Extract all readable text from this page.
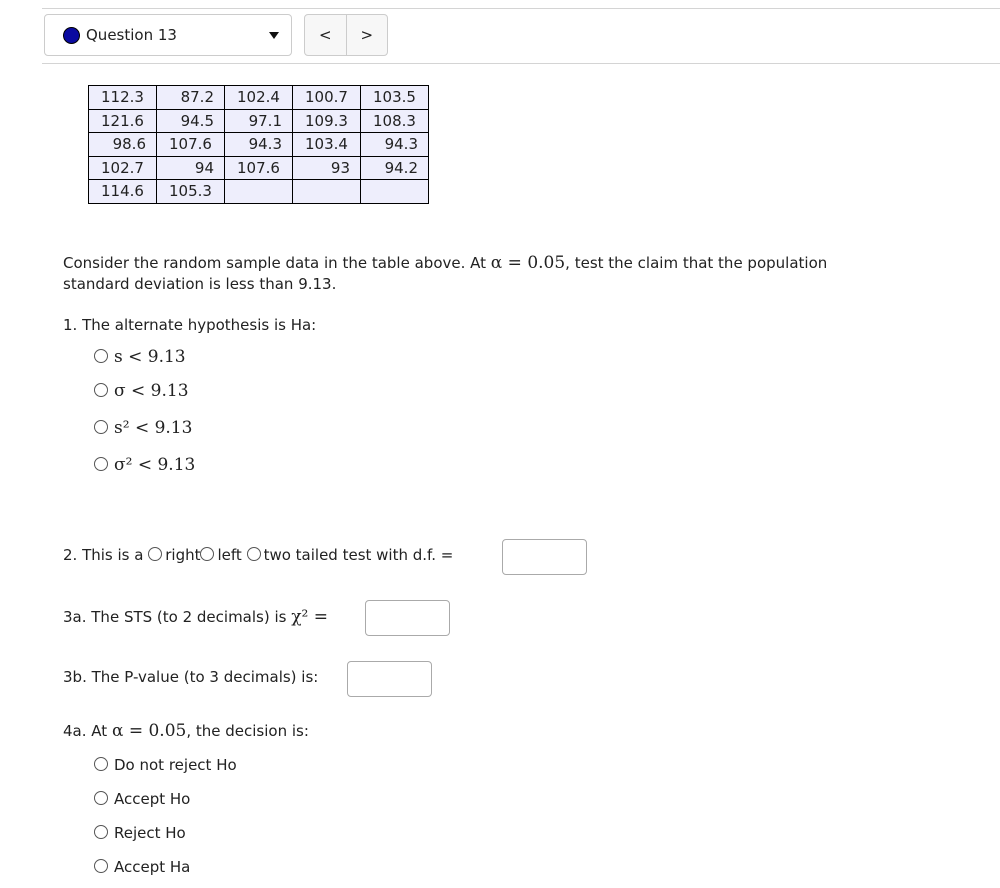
Question 13	<	>
112.3	87.2	102.4	100.7	103.5
121.6	94.5	97.1	109.3	108.3
98.6	107.6	94.3	103.4	94.3
102.7	94	107.6	93	94.2
114.6	105.3			
Consider the random sample data in the table above. At α = 0.05, test the claim that the population
standard deviation is less than 9.13.
1. The alternate hypothesis is Ha:
s < 9.13
σ < 9.13
s² < 9.13
σ² < 9.13
2. This is a right left two tailed test with d.f. =
3a. The STS (to 2 decimals) is χ² =
3b. The P-value (to 3 decimals) is:
4a. At α = 0.05, the decision is:
Do not reject Ho
Accept Ho
Reject Ho
Accept Ha
